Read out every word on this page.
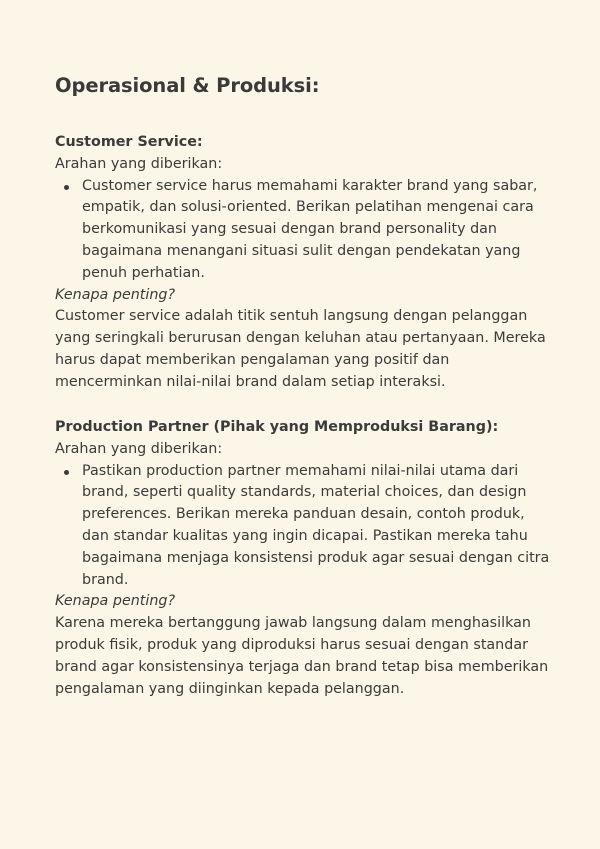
Operasional & Produksi:

Customer Service:

Arahan yang diberikan:

Customer service harus memahami karakter brand yang sabar, empatik, dan solusi-oriented. Berikan pelatihan mengenai cara berkomunikasi yang sesuai dengan brand personality dan bagaimana menangani situasi sulit dengan pendekatan yang penuh perhatian.

Kenapa penting?

Customer service adalah titik sentuh langsung dengan pelanggan yang seringkali berurusan dengan keluhan atau pertanyaan. Mereka harus dapat memberikan pengalaman yang positif dan mencerminkan nilai-nilai brand dalam setiap interaksi.

Production Partner (Pihak yang Memproduksi Barang):

Arahan yang diberikan:

Pastikan production partner memahami nilai-nilai utama dari brand, seperti quality standards, material choices, dan design preferences. Berikan mereka panduan desain, contoh produk, dan standar kualitas yang ingin dicapai. Pastikan mereka tahu bagaimana menjaga konsistensi produk agar sesuai dengan citra brand.

Kenapa penting?

Karena mereka bertanggung jawab langsung dalam menghasilkan produk fisik, produk yang diproduksi harus sesuai dengan standar brand agar konsistensinya terjaga dan brand tetap bisa memberikan pengalaman yang diinginkan kepada pelanggan.
